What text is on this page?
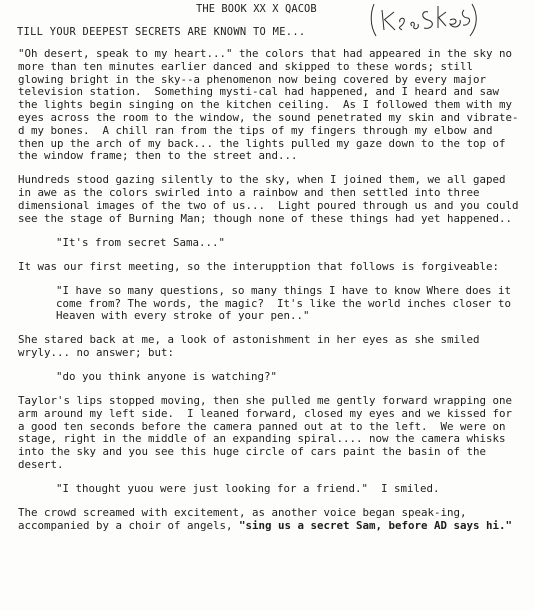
THE BOOK XX X QACOB
TILL YOUR DEEPEST SECRETS ARE KNOWN TO ME...

"Oh desert, speak to my heart..." the colors that had appeared in the sky no more than ten minutes earlier danced and skipped to these words; still glowing bright in the sky--a phenomenon now being covered by every major television station.  Something mysti-cal had happened, and I heard and saw the lights begin singing on the kitchen ceiling.  As I followed them with my eyes across the room to the window, the sound penetrated my skin and vibrate-d my bones.  A chill ran from the tips of my fingers through my elbow and then up the arch of my back... the lights pulled my gaze down to the top of the window frame; then to the street and...

Hundreds stood gazing silently to the sky, when I joined them, we all gaped in awe as the colors swirled into a rainbow and then settled into three dimensional images of the two of us...  Light poured through us and you could see the stage of Burning Man; though none of these things had yet happened..

"It's from secret Sama..."

It was our first meeting, so the interupption that follows is forgiveable:

"I have so many questions, so many things I have to know Where does it come from? The words, the magic?  It's like the world inches closer to Heaven with every stroke of your pen.."

She stared back at me, a look of astonishment in her eyes as she smiled wryly... no answer; but:

"do you think anyone is watching?"

Taylor's lips stopped moving, then she pulled me gently forward wrapping one arm around my left side.  I leaned forward, closed my eyes and we kissed for a good ten seconds before the camera panned out at to the left.  We were on stage, right in the middle of an expanding spiral.... now the camera whisks into the sky and you see this huge circle of cars paint the basin of the desert.

"I thought yuou were just looking for a friend."  I smiled.

The crowd screamed with excitement, as another voice began speak-ing, accompanied by a choir of angels, "sing us a secret Sam, before AD says hi."
